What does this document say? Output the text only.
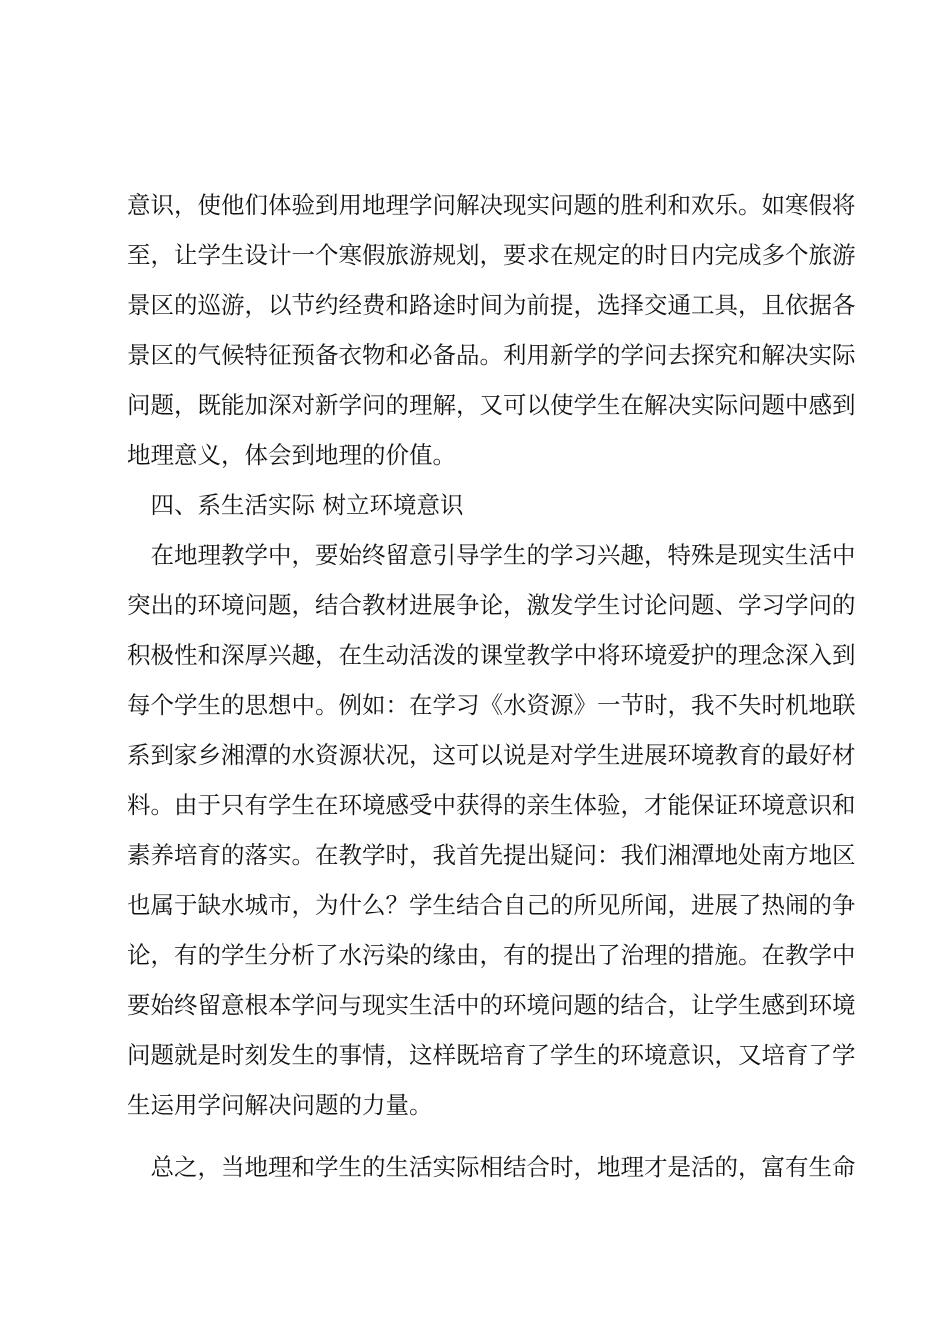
意识，使他们体验到用地理学问解决现实问题的胜利和欢乐。如寒假将
至，让学生设计一个寒假旅游规划，要求在规定的时日内完成多个旅游
景区的巡游，以节约经费和路途时间为前提，选择交通工具，且依据各
景区的气候特征预备衣物和必备品。利用新学的学问去探究和解决实际
问题，既能加深对新学问的理解，又可以使学生在解决实际问题中感到
地理意义，体会到地理的价值。
　四、系生活实际 树立环境意识
　在地理教学中，要始终留意引导学生的学习兴趣，特殊是现实生活中
突出的环境问题，结合教材进展争论，激发学生讨论问题、学习学问的
积极性和深厚兴趣，在生动活泼的课堂教学中将环境爱护的理念深入到
每个学生的思想中。例如：在学习《水资源》一节时，我不失时机地联
系到家乡湘潭的水资源状况，这可以说是对学生进展环境教育的最好材
料。由于只有学生在环境感受中获得的亲生体验，才能保证环境意识和
素养培育的落实。在教学时，我首先提出疑问：我们湘潭地处南方地区
也属于缺水城市，为什么？学生结合自己的所见所闻，进展了热闹的争
论，有的学生分析了水污染的缘由，有的提出了治理的措施。在教学中
要始终留意根本学问与现实生活中的环境问题的结合，让学生感到环境
问题就是时刻发生的事情，这样既培育了学生的环境意识，又培育了学
生运用学问解决问题的力量。
　总之，当地理和学生的生活实际相结合时，地理才是活的，富有生命
